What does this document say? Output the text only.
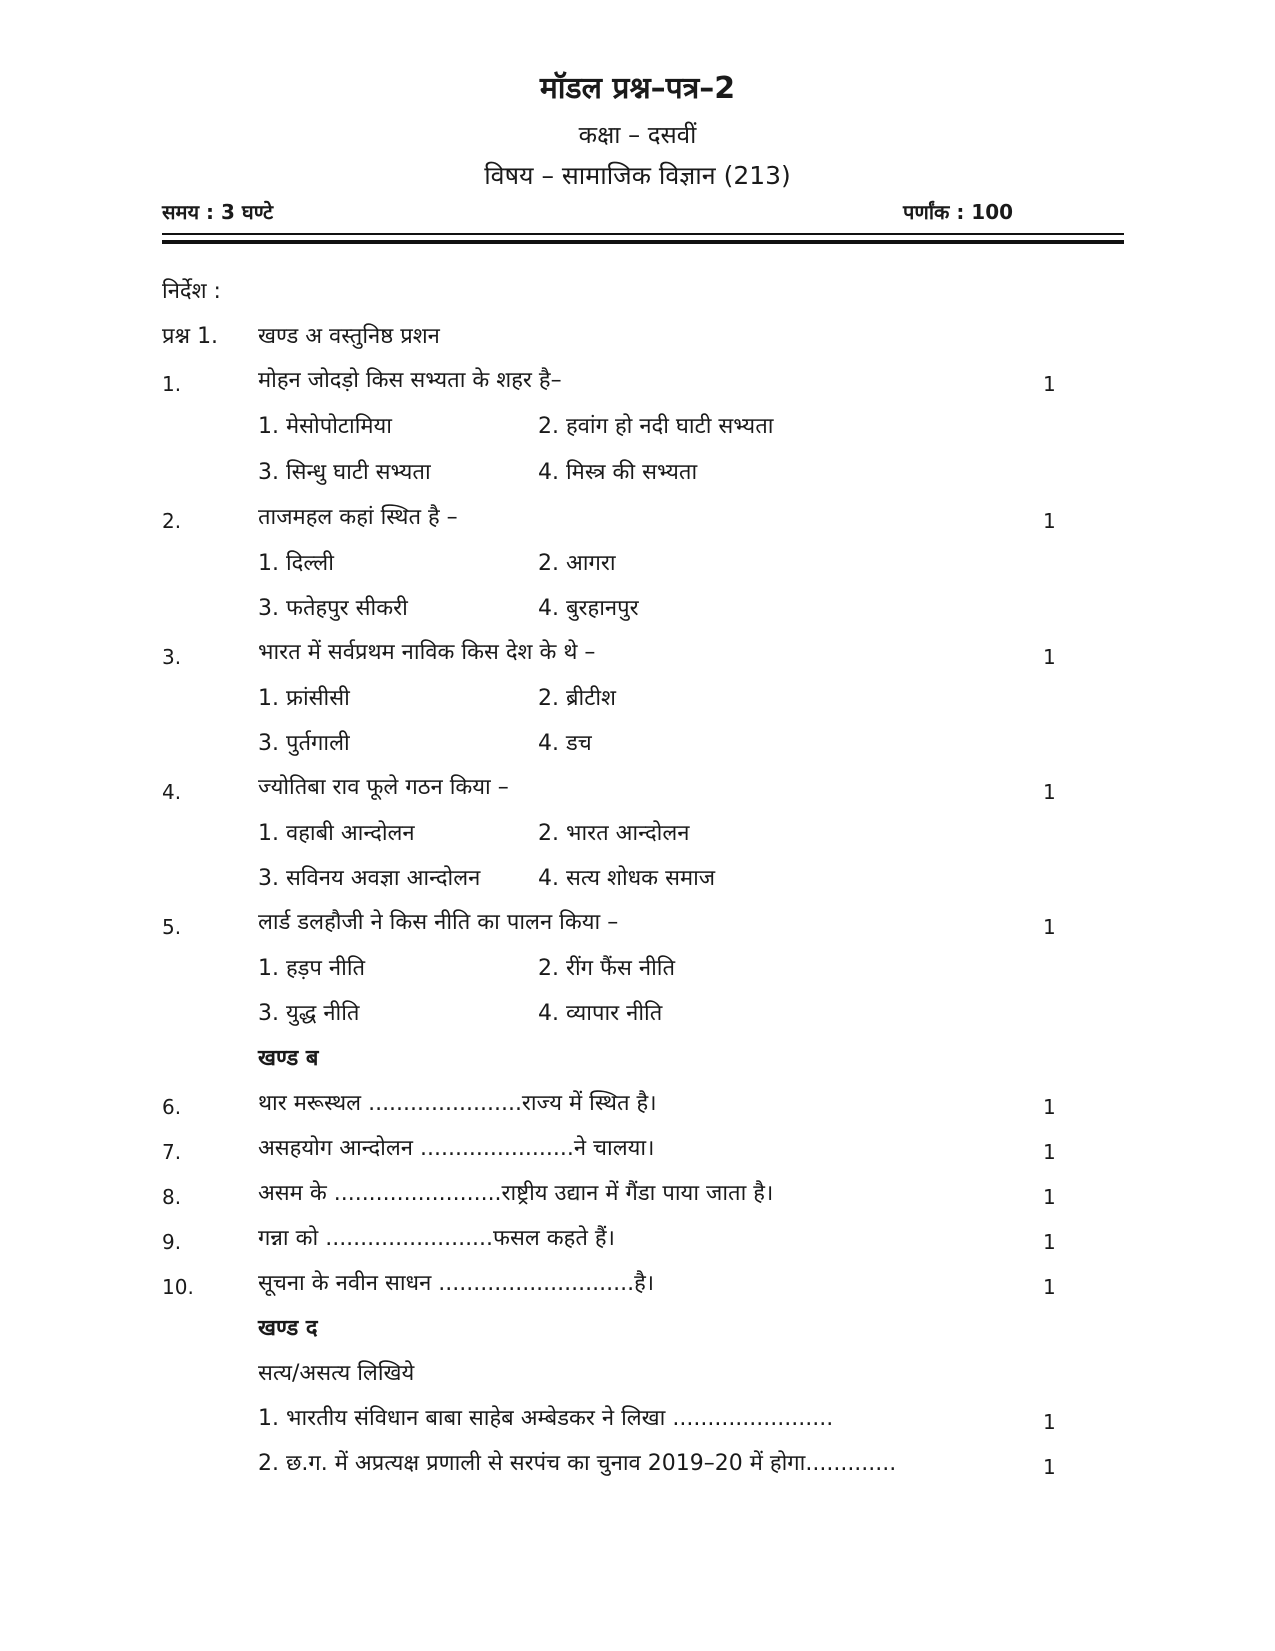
मॉडल प्रश्न–पत्र–2
कक्षा – दसवीं
विषय – सामाजिक विज्ञान (213)
समय : 3 घण्टे	पर्णांक : 100
निर्देश :
प्रश्न 1. खण्ड अ वस्तुनिष्ठ प्रशन
1.	मोहन जोदड़ो किस सभ्यता के शहर है–	1
1. मेसोपोटामिया	2. हवांग हो नदी घाटी सभ्यता
3. सिन्धु घाटी सभ्यता	4. मिस्त्र की सभ्यता
2.	ताजमहल कहां स्थित है –	1
1. दिल्ली	2. आगरा
3. फतेहपुर सीकरी	4. बुरहानपुर
3.	भारत में सर्वप्रथम नाविक किस देश के थे –	1
1. फ्रांसीसी	2. ब्रीटीश
3. पुर्तगाली	4. डच
4.	ज्योतिबा राव फूले गठन किया –	1
1. वहाबी आन्दोलन	2. भारत आन्दोलन
3. सविनय अवज्ञा आन्दोलन	4. सत्य शोधक समाज
5.	लार्ड डलहौजी ने किस नीति का पालन किया –	1
1. हड़प नीति	2. रींग फैंस नीति
3. युद्ध नीति	4. व्यापार नीति
खण्ड ब
6.	थार मरूस्थल ......................राज्य में स्थित है।	1
7.	असहयोग आन्दोलन ......................ने चालया।	1
8.	असम के ........................राष्ट्रीय उद्यान में गैंडा पाया जाता है।	1
9.	गन्ना को ........................फसल कहते हैं।	1
10.	सूचना के नवीन साधन ............................है।	1
खण्ड द
सत्य/असत्य लिखिये
1. भारतीय संविधान बाबा साहेब अम्बेडकर ने लिखा .......................	1
2. छ.ग. में अप्रत्यक्ष प्रणाली से सरपंच का चुनाव 2019–20 में होगा.............	1
